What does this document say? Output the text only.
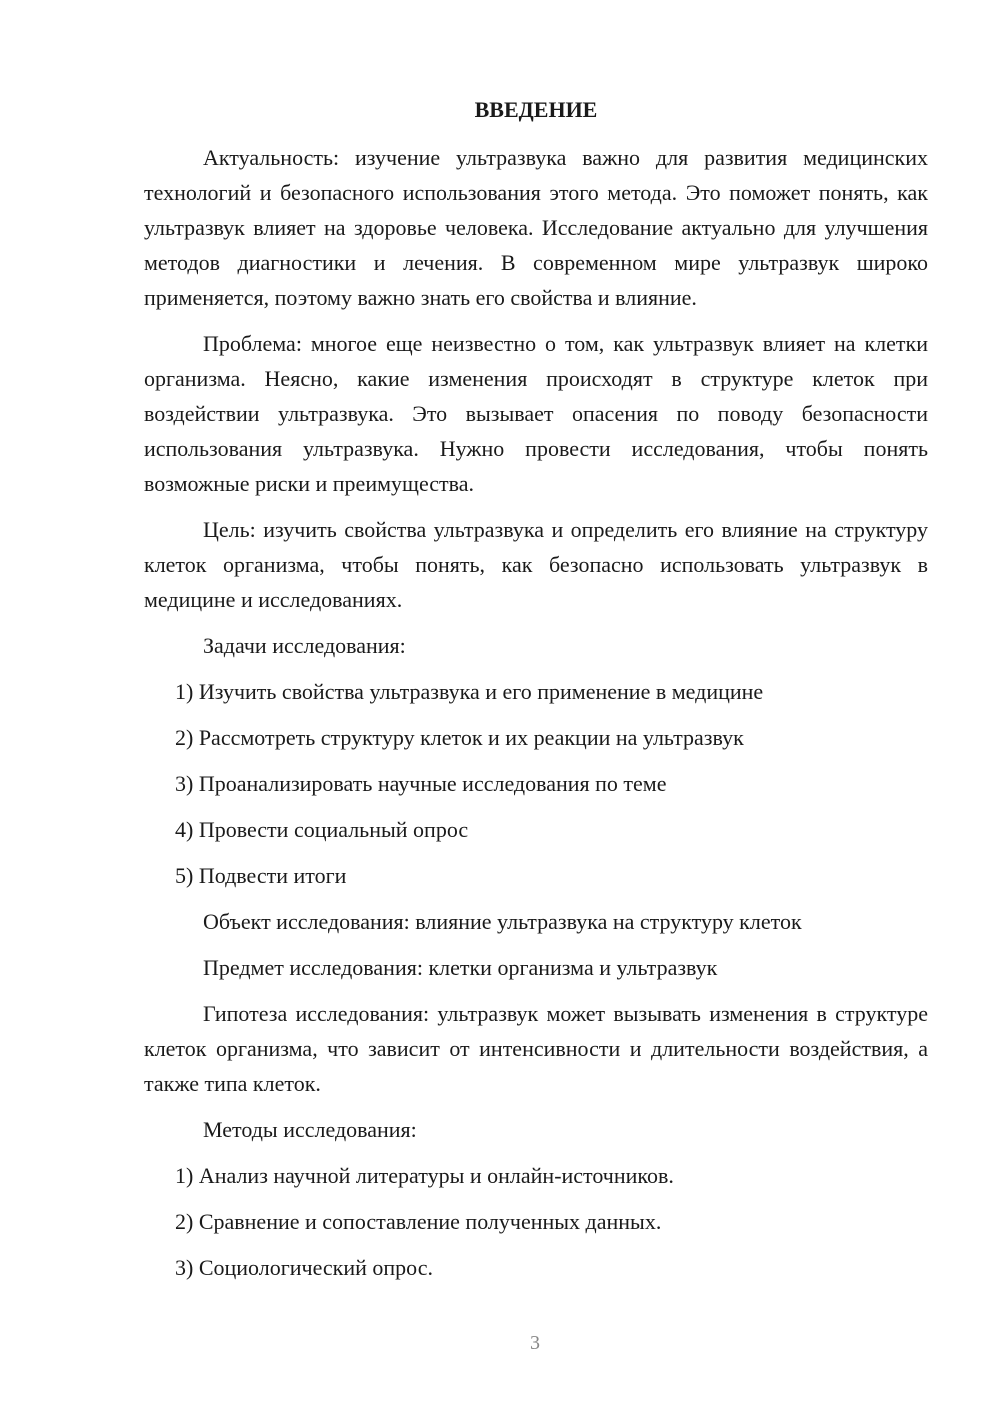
ВВЕДЕНИЕ

Актуальность: изучение ультразвука важно для развития медицинских технологий и безопасного использования этого метода. Это поможет понять, как ультразвук влияет на здоровье человека. Исследование актуально для улучшения методов диагностики и лечения. В современном мире ультразвук широко применяется, поэтому важно знать его свойства и влияние.

Проблема: многое еще неизвестно о том, как ультразвук влияет на клетки организма. Неясно, какие изменения происходят в структуре клеток при воздействии ультразвука. Это вызывает опасения по поводу безопасности использования ультразвука. Нужно провести исследования, чтобы понять возможные риски и преимущества.

Цель: изучить свойства ультразвука и определить его влияние на структуру клеток организма, чтобы понять, как безопасно использовать ультразвук в медицине и исследованиях.

Задачи исследования:

1) Изучить свойства ультразвука и его применение в медицине

2) Рассмотреть структуру клеток и их реакции на ультразвук

3) Проанализировать научные исследования по теме

4) Провести социальный опрос

5) Подвести итоги

Объект исследования: влияние ультразвука на структуру клеток

Предмет исследования: клетки организма и ультразвук

Гипотеза исследования: ультразвук может вызывать изменения в структуре клеток организма, что зависит от интенсивности и длительности воздействия, а также типа клеток.

Методы исследования:

1) Анализ научной литературы и онлайн-источников.

2) Сравнение и сопоставление полученных данных.

3) Социологический опрос.

3
